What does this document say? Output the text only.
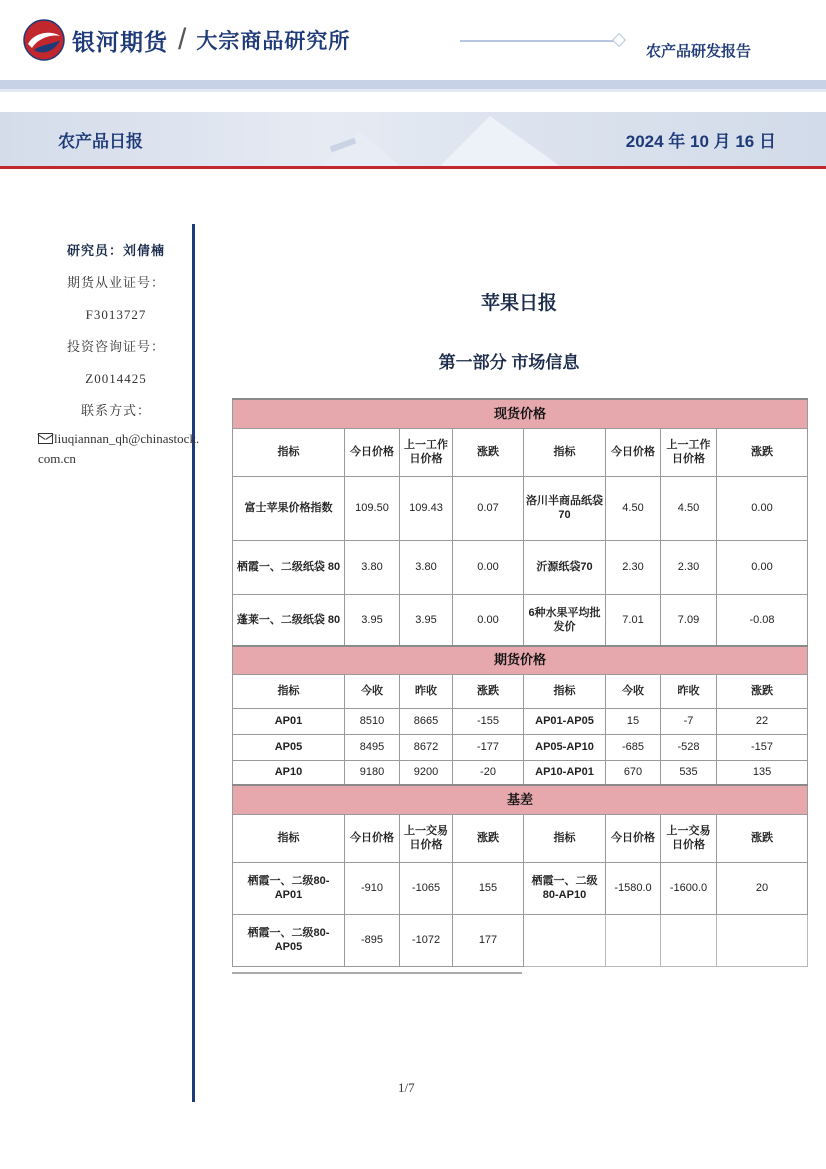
银河期货 / 大宗商品研究所	农产品研发报告
农产品日报	2024 年 10 月 16 日
研究员：刘倩楠
期货从业证号：
F3013727
投资咨询证号：
Z0014425
联系方式：
liuqiannan_qh@chinastock.com.cn
苹果日报
第一部分 市场信息
现货价格							
指标	今日价格	上一工作日价格	涨跌	指标	今日价格	上一工作日价格	涨跌
富士苹果价格指数	109.50	109.43	0.07	洛川半商品纸袋70	4.50	4.50	0.00
栖霞一、二级纸袋 80	3.80	3.80	0.00	沂源纸袋70	2.30	2.30	0.00
蓬莱一、二级纸袋 80	3.95	3.95	0.00	6种水果平均批发价	7.01	7.09	-0.08
期货价格							
指标	今收	昨收	涨跌	指标	今收	昨收	涨跌
AP01	8510	8665	-155	AP01-AP05	15	-7	22
AP05	8495	8672	-177	AP05-AP10	-685	-528	-157
AP10	9180	9200	-20	AP10-AP01	670	535	135
基差							
指标	今日价格	上一交易日价格	涨跌	指标	今日价格	上一交易日价格	涨跌
栖霞一、二级80-AP01	-910	-1065	155	栖霞一、二级80-AP10	-1580.0	-1600.0	20
栖霞一、二级80-AP05	-895	-1072	177				
1/7
